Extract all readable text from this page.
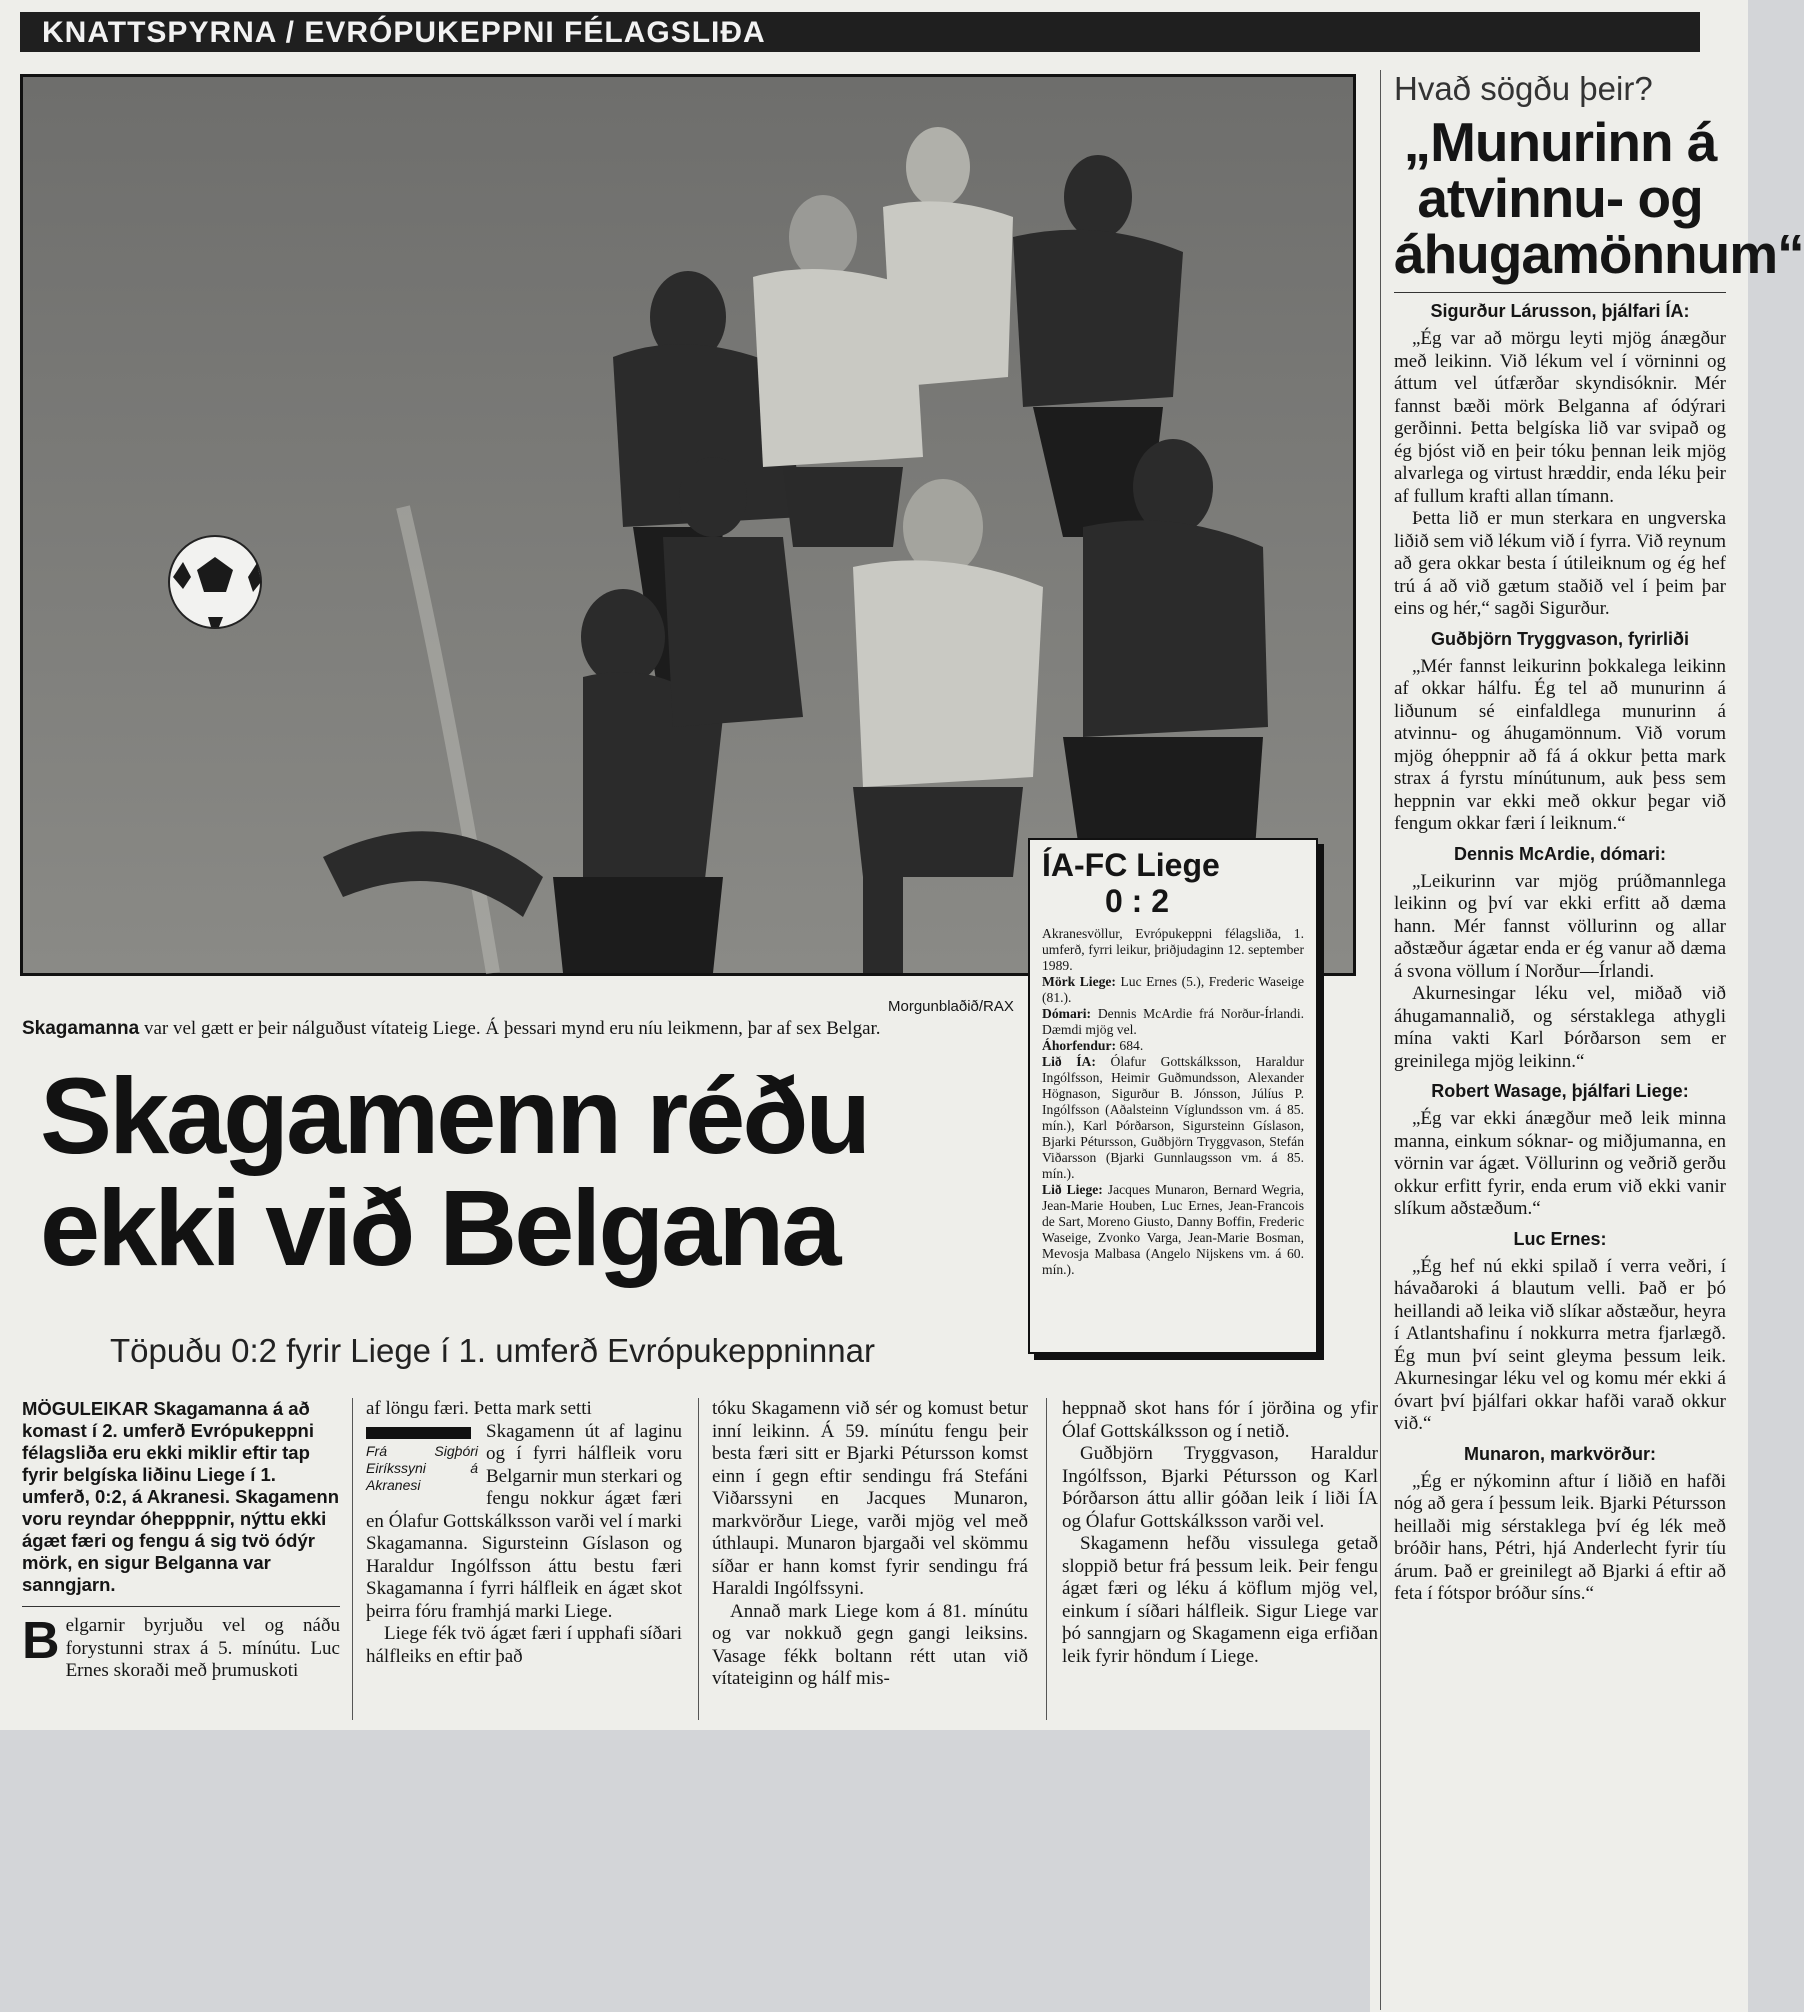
KNATTSPYRNA / EVRÓPUKEPPNI FÉLAGSLIÐA
Morgunblaðið/RAX
Skagamanna var vel gætt er þeir nálguðust vítateig Liege. Á þessari mynd eru níu leikmenn, þar af sex Belgar.
Skagamenn réðu
ekki við Belgana
Töpuðu 0:2 fyrir Liege í 1. umferð Evrópukeppninnar
MÖGULEIKAR Skagamanna á að komast í 2. umferð Evrópukeppni félagsliða eru ekki miklir eftir tap fyrir belgíska liðinu Liege í 1. umferð, 0:2, á Akranesi. Skagamenn voru reyndar óhepppnir, nýttu ekki ágæt færi og fengu á sig tvö ódýr mörk, en sigur Belganna var sanngjarn.
B elgarnir byrjuðu vel og náðu forystunni strax á 5. mínútu. Luc Ernes skoraði með þrumuskoti

af löngu færi. Þetta mark setti

Frá Sigþóri Eiríkssyni á Akranesi

Skagamenn út af laginu og í fyrri hálfleik voru Belgarnir mun sterkari og fengu nokkur ágæt færi en Ólafur Gottskálksson varði vel í marki Skagamanna. Sigursteinn Gíslason og Haraldur Ingólfsson áttu bestu færi Skagamanna í fyrri hálfleik en ágæt skot þeirra fóru framhjá marki Liege.

Liege fék tvö ágæt færi í upphafi síðari hálfleiks en eftir það

tóku Skagamenn við sér og komust betur inní leikinn. Á 59. mínútu fengu þeir besta færi sitt er Bjarki Pétursson komst einn í gegn eftir sendingu frá Stefáni Viðarssyni en Jacques Munaron, markvörður Liege, varði mjög vel með úthlaupi. Munaron bjargaði vel skömmu síðar er hann komst fyrir sendingu frá Haraldi Ingólfssyni.

Annað mark Liege kom á 81. mínútu og var nokkuð gegn gangi leiksins. Vasage fékk boltann rétt utan við vítateiginn og hálf mis-

heppnað skot hans fór í jörðina og yfir Ólaf Gottskálksson og í netið.

Guðbjörn Tryggvason, Haraldur Ingólfsson, Bjarki Pétursson og Karl Þórðarson áttu allir góðan leik í liði ÍA og Ólafur Gottskálksson varði vel.

Skagamenn hefðu vissulega getað sloppið betur frá þessum leik. Þeir fengu ágæt færi og léku á köflum mjög vel, einkum í síðari hálfleik. Sigur Liege var þó sanngjarn og Skagamenn eiga erfiðan leik fyrir höndum í Liege.

ÍA-FC Liege
0 : 2
Akranesvöllur, Evrópukeppni félagsliða, 1. umferð, fyrri leikur, þriðjudaginn 12. september 1989.
Mörk Liege: Luc Ernes (5.), Frederic Waseige (81.).
Dómari: Dennis McArdie frá Norður-Írlandi. Dæmdi mjög vel.
Áhorfendur: 684.
Lið ÍA: Ólafur Gottskálksson, Haraldur Ingólfsson, Heimir Guðmundsson, Alexander Högnason, Sigurður B. Jónsson, Júlíus P. Ingólfsson (Aðalsteinn Víglundsson vm. á 85. mín.), Karl Þórðarson, Sigursteinn Gíslason, Bjarki Pétursson, Guðbjörn Tryggvason, Stefán Viðarsson (Bjarki Gunnlaugsson vm. á 85. mín.).
Lið Liege: Jacques Munaron, Bernard Wegria, Jean-Marie Houben, Luc Ernes, Jean-Francois de Sart, Moreno Giusto, Danny Boffin, Frederic Waseige, Zvonko Varga, Jean-Marie Bosman, Mevosja Malbasa (Angelo Nijskens vm. á 60. mín.).
Hvað sögðu þeir?
„Munurinn á atvinnu- og áhugamönnum“
Sigurður Lárusson, þjálfari ÍA:

„Ég var að mörgu leyti mjög ánægður með leikinn. Við lékum vel í vörninni og áttum vel útfærðar skyndisóknir. Mér fannst bæði mörk Belganna af ódýrari gerðinni. Þetta belgíska lið var svipað og ég bjóst við en þeir tóku þennan leik mjög alvarlega og virtust hræddir, enda léku þeir af fullum krafti allan tímann.

Þetta lið er mun sterkara en ungverska liðið sem við lékum við í fyrra. Við reynum að gera okkar besta í útileiknum og ég hef trú á að við gætum staðið vel í þeim þar eins og hér,“ sagði Sigurður.

Guðbjörn Tryggvason, fyrirliði

„Mér fannst leikurinn þokkalega leikinn af okkar hálfu. Ég tel að munurinn á liðunum sé einfaldlega munurinn á atvinnu- og áhugamönnum. Við vorum mjög óheppnir að fá á okkur þetta mark strax á fyrstu mínútunum, auk þess sem heppnin var ekki með okkur þegar við fengum okkar færi í leiknum.“

Dennis McArdie, dómari:

„Leikurinn var mjög prúðmannlega leikinn og því var ekki erfitt að dæma hann. Mér fannst völlurinn og allar aðstæður ágætar enda er ég vanur að dæma á svona völlum í Norður—Írlandi.

Akurnesingar léku vel, miðað við áhugamannalið, og sérstaklega athygli mína vakti Karl Þórðarson sem er greinilega mjög leikinn.“

Robert Wasage, þjálfari Liege:

„Ég var ekki ánægður með leik minna manna, einkum sóknar- og miðjumanna, en vörnin var ágæt. Völlurinn og veðrið gerðu okkur erfitt fyrir, enda erum við ekki vanir slíkum aðstæðum.“

Luc Ernes:

„Ég hef nú ekki spilað í verra veðri, í hávaðaroki á blautum velli. Það er þó heillandi að leika við slíkar aðstæður, heyra í Atlantshafinu í nokkurra metra fjarlægð. Ég mun því seint gleyma þessum leik. Akurnesingar léku vel og komu mér ekki á óvart því þjálfari okkar hafði varað okkur við.“

Munaron, markvörður:

„Ég er nýkominn aftur í liðið en hafði nóg að gera í þessum leik. Bjarki Pétursson heillaði mig sérstaklega því ég lék með bróðir hans, Pétri, hjá Anderlecht fyrir tíu árum. Það er greinilegt að Bjarki á eftir að feta í fótspor bróður síns.“
